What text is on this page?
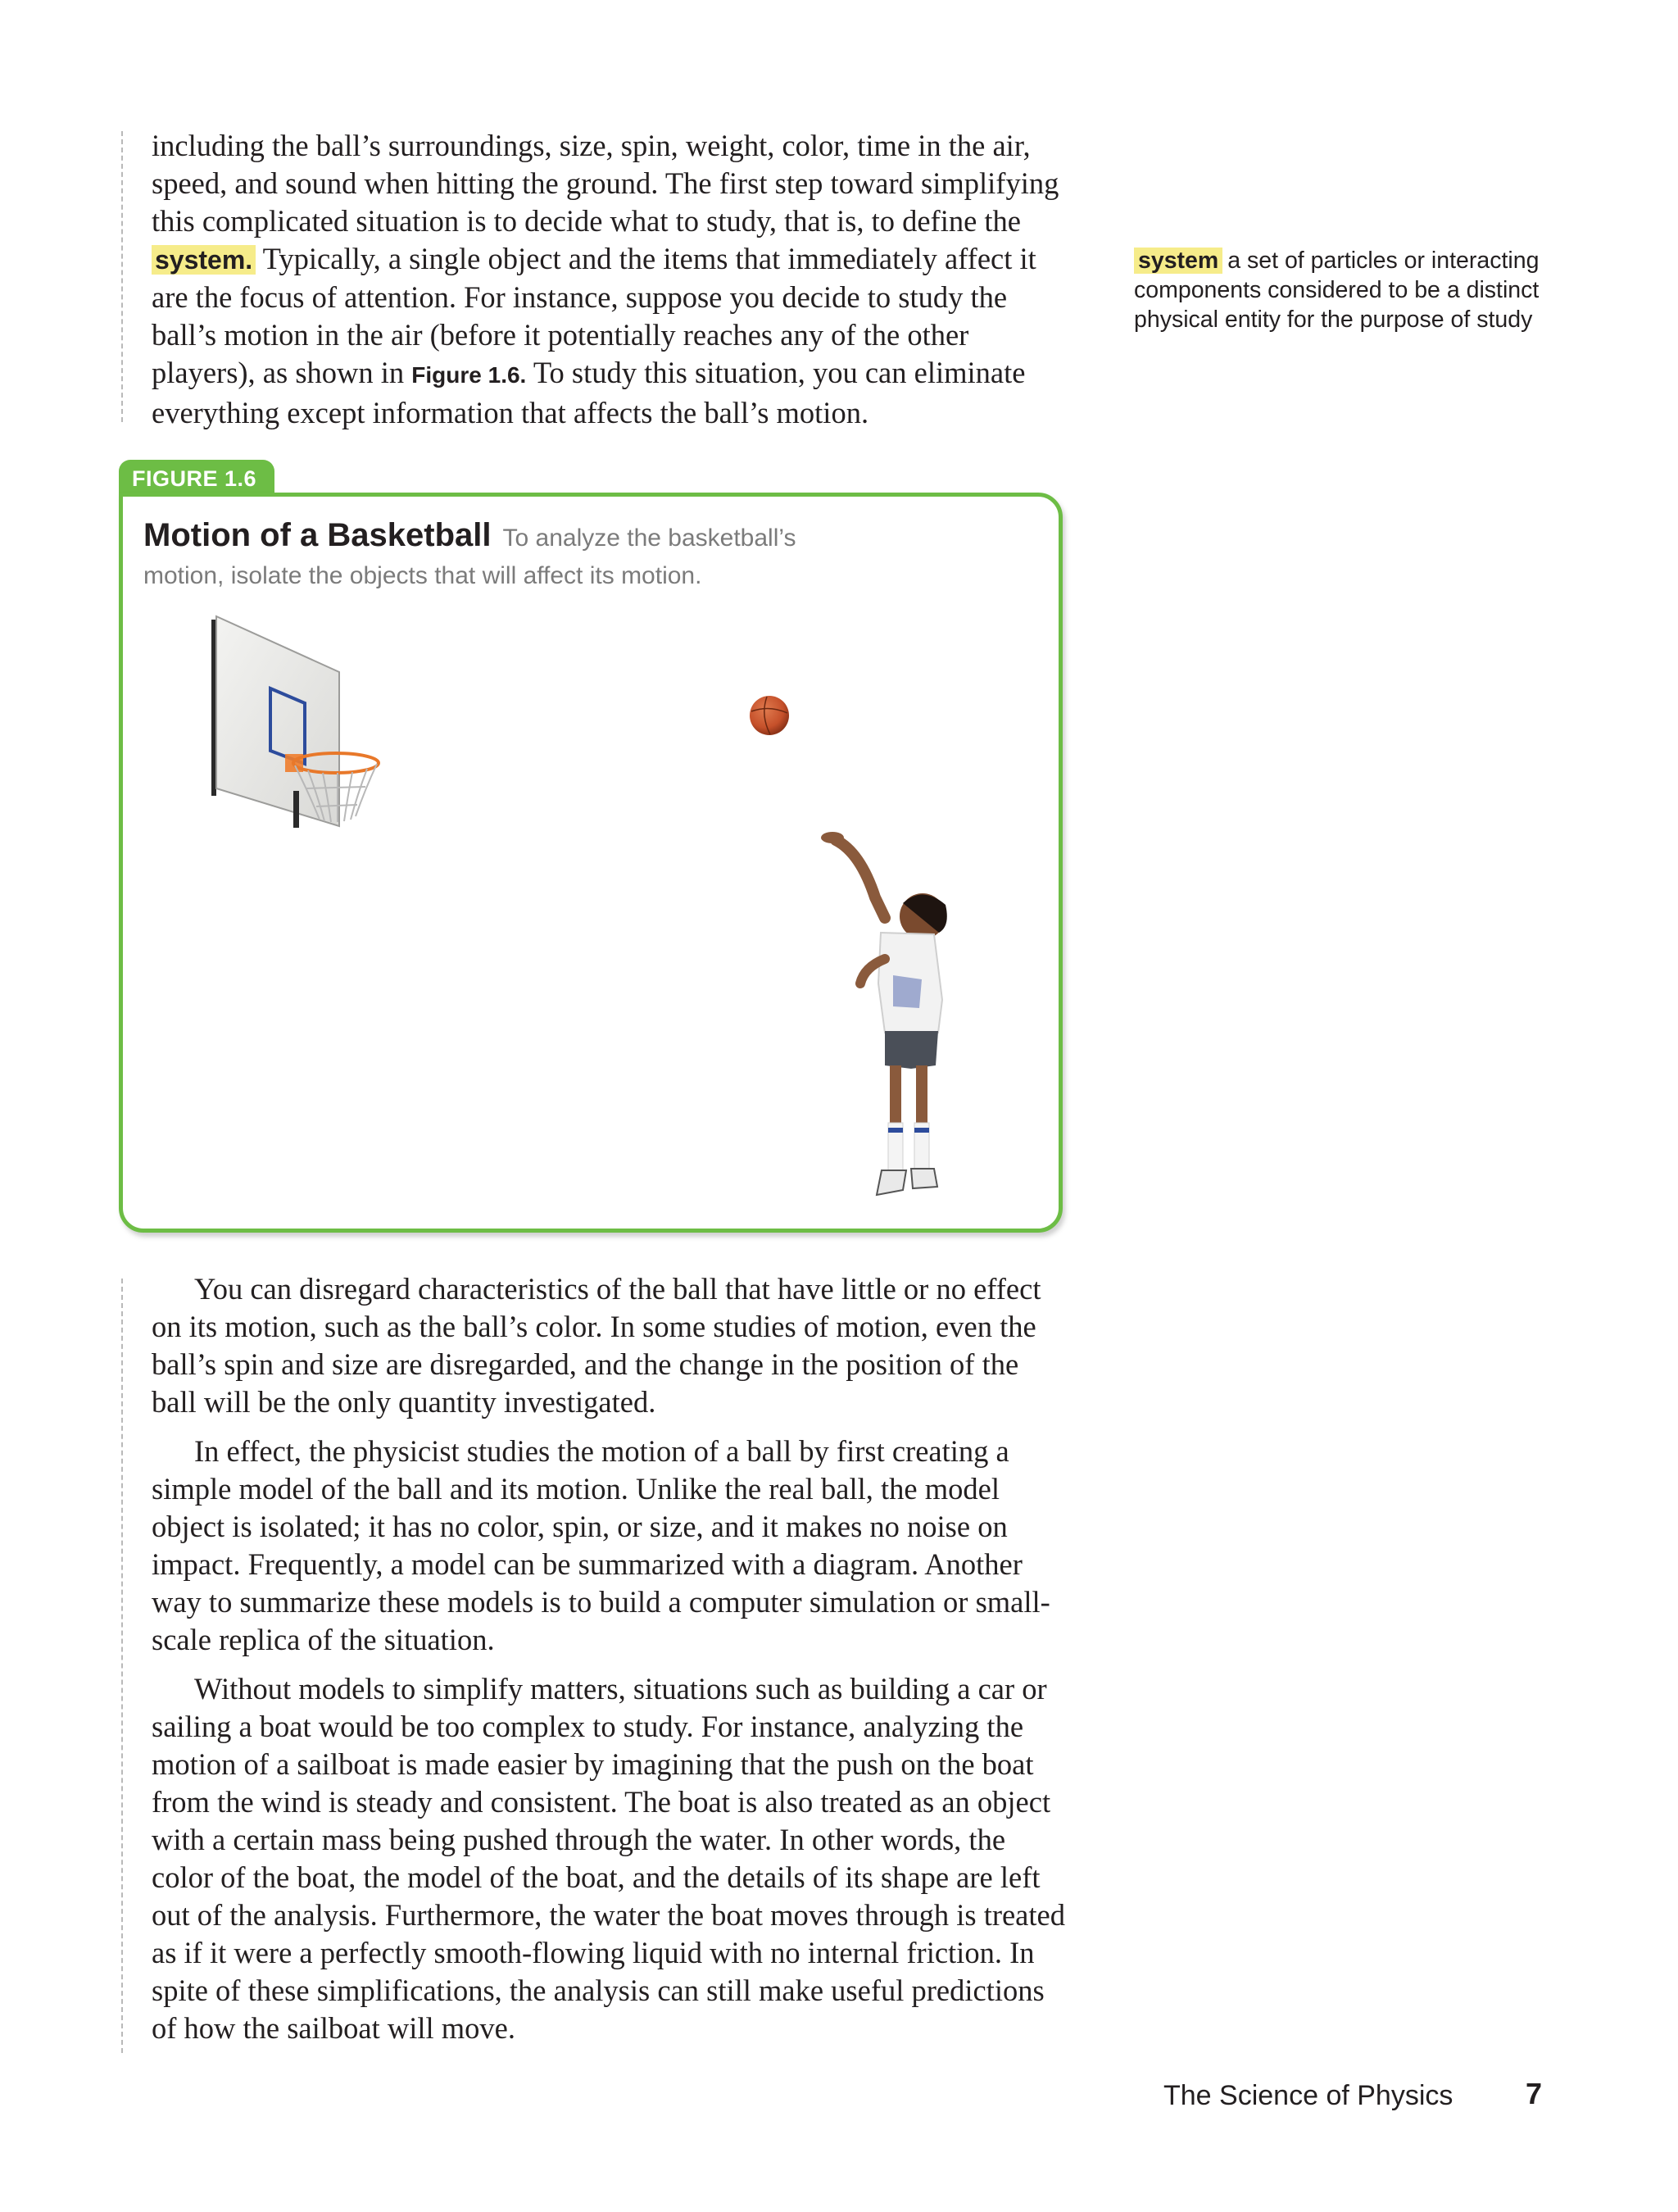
including the ball’s surroundings, size, spin, weight, color, time in the air, speed, and sound when hitting the ground. The first step toward simplifying this complicated situation is to decide what to study, that is, to define the system. Typically, a single object and the items that immediately affect it are the focus of attention. For instance, suppose you decide to study the ball’s motion in the air (before it potentially reaches any of the other players), as shown in Figure 1.6. To study this situation, you can eliminate everything except information that affects the ball’s motion.

system a set of particles or interacting components considered to be a distinct physical entity for the purpose of study
FIGURE 1.6
Motion of a Basketball To analyze the basketball’s motion, isolate the objects that will affect its motion.

You can disregard characteristics of the ball that have little or no effect on its motion, such as the ball’s color. In some studies of motion, even the ball’s spin and size are disregarded, and the change in the position of the ball will be the only quantity investigated.

In effect, the physicist studies the motion of a ball by first creating a simple model of the ball and its motion. Unlike the real ball, the model object is isolated; it has no color, spin, or size, and it makes no noise on impact. Frequently, a model can be summarized with a diagram. Another way to summarize these models is to build a computer simulation or small-scale replica of the situation.

Without models to simplify matters, situations such as building a car or sailing a boat would be too complex to study. For instance, analyzing the motion of a sailboat is made easier by imagining that the push on the boat from the wind is steady and consistent. The boat is also treated as an object with a certain mass being pushed through the water. In other words, the color of the boat, the model of the boat, and the details of its shape are left out of the analysis. Furthermore, the water the boat moves through is treated as if it were a perfectly smooth-flowing liquid with no internal friction. In spite of these simplifications, the analysis can still make useful predictions of how the sailboat will move.

The Science of Physics 7
